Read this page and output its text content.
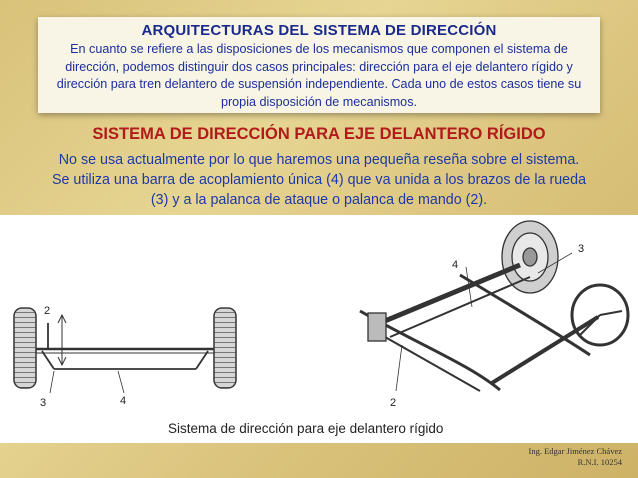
ARQUITECTURAS DEL SISTEMA DE DIRECCIÓN
En cuanto se refiere a las disposiciones de los mecanismos que componen el sistema de dirección, podemos distinguir dos casos principales: dirección para el eje delantero rígido y dirección para tren delantero de suspensión independiente. Cada uno de estos casos tiene su propia disposición de mecanismos.
SISTEMA DE DIRECCIÓN PARA EJE DELANTERO RÍGIDO
No se usa actualmente por lo que haremos una pequeña reseña sobre el sistema.
Se utiliza una barra de acoplamiento única (4) que va unida a los brazos de la rueda
(3) y a la palanca de ataque o palanca de mando (2).
2
3	4
4
3
2
Sistema de dirección para eje delantero rígido
Ing. Edgar Jiménez Chávez
R.N.I. 10254
